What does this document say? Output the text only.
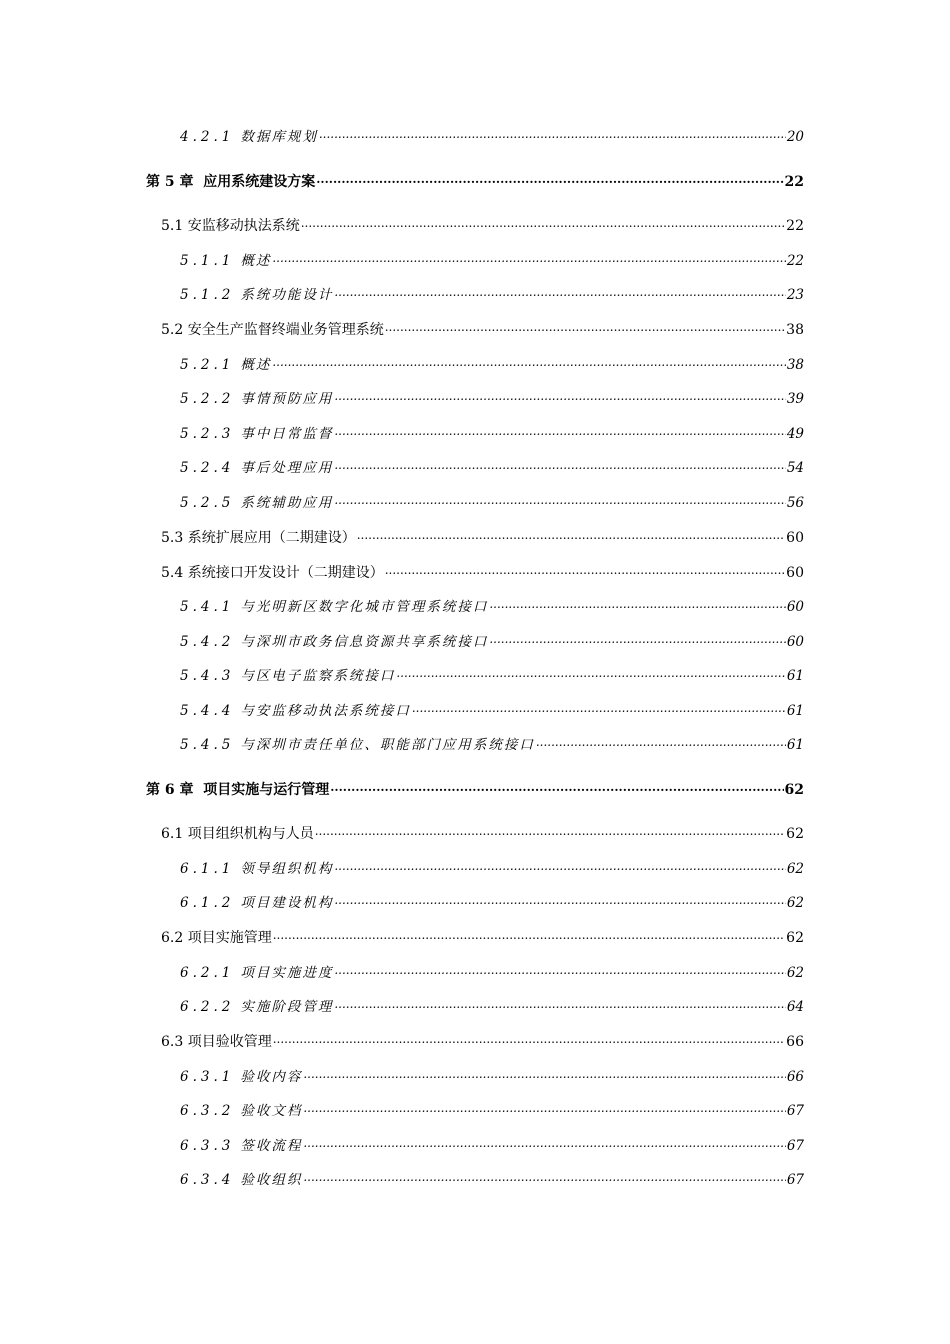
4.2.1 数据库规划 .....	20
第 5 章 应用系统建设方案 .....	22
5.1 安监移动执法系统 .....	22
5.1.1 概述 .....	22
5.1.2 系统功能设计 .....	23
5.2 安全生产监督终端业务管理系统 .....	38
5.2.1 概述 .....	38
5.2.2 事情预防应用 .....	39
5.2.3 事中日常监督 .....	49
5.2.4 事后处理应用 .....	54
5.2.5 系统辅助应用 .....	56
5.3 系统扩展应用（二期建设） .....	60
5.4 系统接口开发设计（二期建设） .....	60
5.4.1 与光明新区数字化城市管理系统接口 .....	60
5.4.2 与深圳市政务信息资源共享系统接口 .....	60
5.4.3 与区电子监察系统接口 .....	61
5.4.4 与安监移动执法系统接口 .....	61
5.4.5 与深圳市责任单位、职能部门应用系统接口 .....	61
第 6 章 项目实施与运行管理 .....	62
6.1 项目组织机构与人员 .....	62
6.1.1 领导组织机构 .....	62
6.1.2 项目建设机构 .....	62
6.2 项目实施管理 .....	62
6.2.1 项目实施进度 .....	62
6.2.2 实施阶段管理 .....	64
6.3 项目验收管理 .....	66
6.3.1 验收内容 .....	66
6.3.2 验收文档 .....	67
6.3.3 签收流程 .....	67
6.3.4 验收组织 .....	67
